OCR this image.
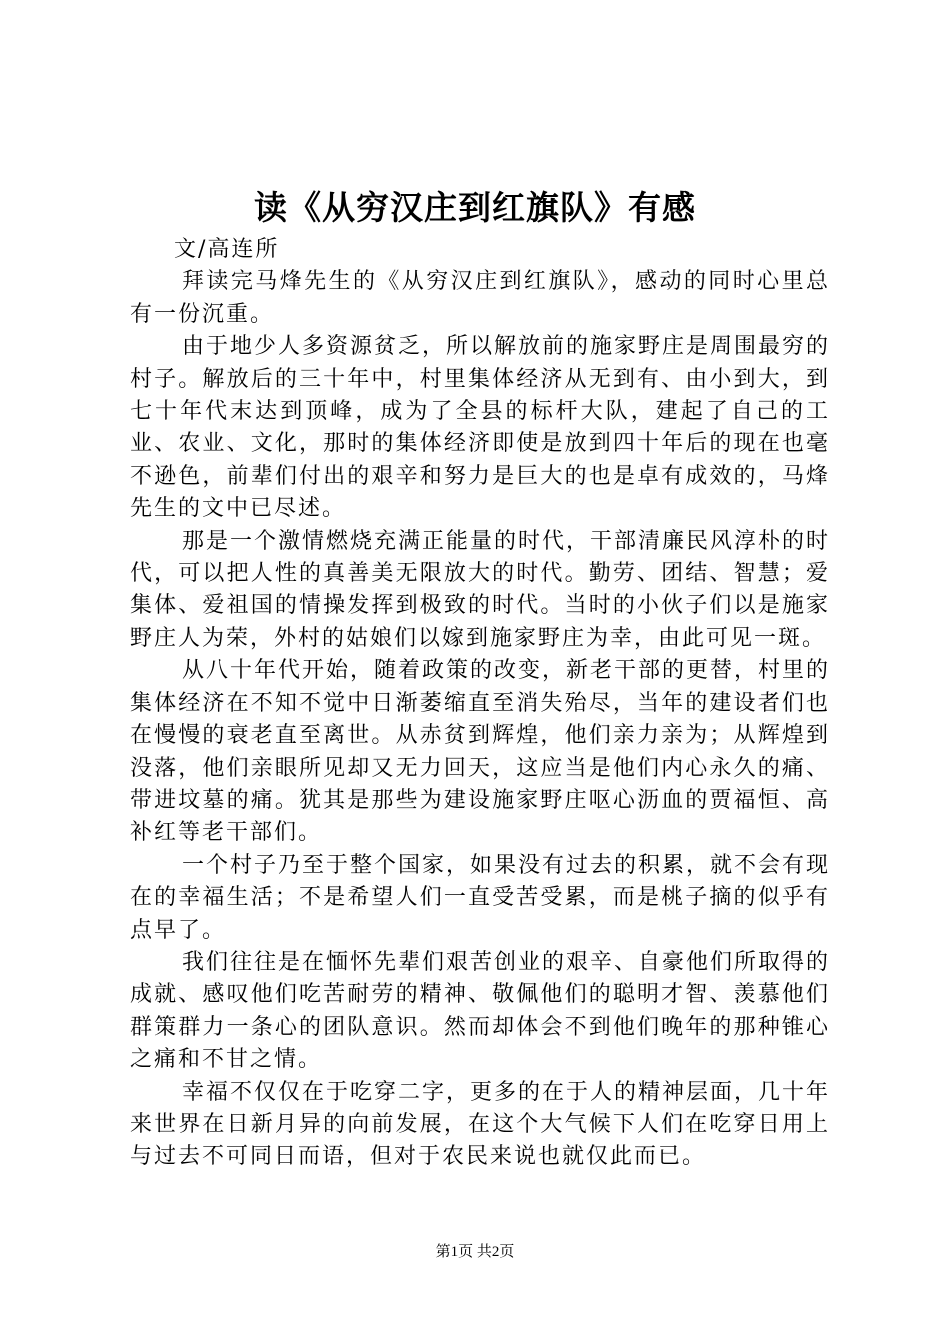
读《从穷汉庄到红旗队》有感

文/高连所

拜读完马烽先生的《从穷汉庄到红旗队》，感动的同时心里总有一份沉重。

由于地少人多资源贫乏，所以解放前的施家野庄是周围最穷的村子。解放后的三十年中，村里集体经济从无到有、由小到大，到七十年代末达到顶峰，成为了全县的标杆大队，建起了自己的工业、农业、文化，那时的集体经济即使是放到四十年后的现在也毫不逊色，前辈们付出的艰辛和努力是巨大的也是卓有成效的，马烽先生的文中已尽述。

那是一个激情燃烧充满正能量的时代，干部清廉民风淳朴的时代，可以把人性的真善美无限放大的时代。勤劳、团结、智慧；爱集体、爱祖国的情操发挥到极致的时代。当时的小伙子们以是施家野庄人为荣，外村的姑娘们以嫁到施家野庄为幸，由此可见一斑。

从八十年代开始，随着政策的改变，新老干部的更替，村里的集体经济在不知不觉中日渐萎缩直至消失殆尽，当年的建设者们也在慢慢的衰老直至离世。从赤贫到辉煌，他们亲力亲为；从辉煌到没落，他们亲眼所见却又无力回天，这应当是他们内心永久的痛、带进坟墓的痛。犹其是那些为建设施家野庄呕心沥血的贾福恒、高补红等老干部们。

一个村子乃至于整个国家，如果没有过去的积累，就不会有现在的幸福生活；不是希望人们一直受苦受累，而是桃子摘的似乎有点早了。

我们往往是在愐怀先辈们艰苦创业的艰辛、自豪他们所取得的成就、感叹他们吃苦耐劳的精神、敬佩他们的聪明才智、羡慕他们群策群力一条心的团队意识。然而却体会不到他们晚年的那种锥心之痛和不甘之情。

幸福不仅仅在于吃穿二字，更多的在于人的精神层面，几十年来世界在日新月异的向前发展，在这个大气候下人们在吃穿日用上与过去不可同日而语，但对于农民来说也就仅此而已。

第1页 共2页
